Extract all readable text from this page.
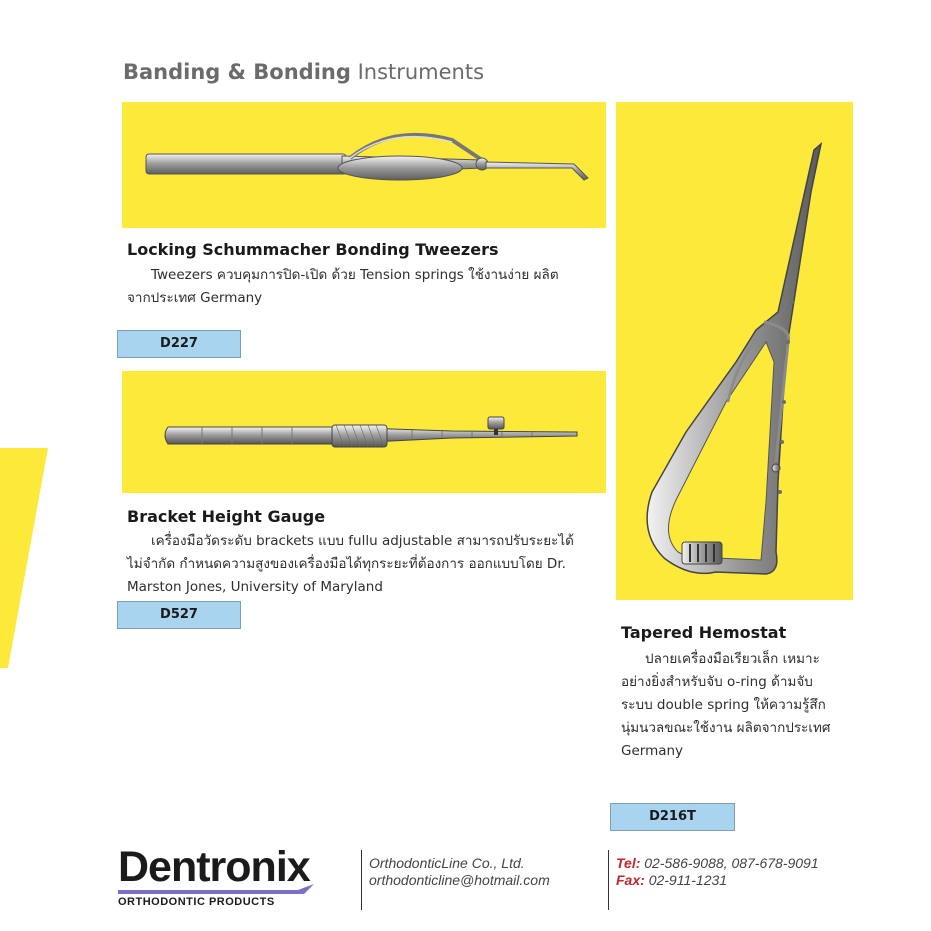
Banding & Bonding Instruments
Locking Schummacher Bonding Tweezers
Tweezers ควบคุมการปิด-เปิด ด้วย Tension springs ใช้งานง่าย ผลิต
จากประเทศ Germany
D227
Bracket Height Gauge
เครื่องมือวัดระดับ brackets แบบ fullu adjustable สามารถปรับระยะได้
ไม่จำกัด กำหนดความสูงของเครื่องมือได้ทุกระยะที่ต้องการ ออกแบบโดย Dr.
Marston Jones, University of Maryland
D527
Tapered Hemostat
ปลายเครื่องมือเรียวเล็ก เหมาะ
อย่างยิ่งสำหรับจับ o-ring ด้ามจับ
ระบบ double spring ให้ความรู้สึก
นุ่มนวลขณะใช้งาน ผลิตจากประเทศ
Germany
D216T
Dentronix
ORTHODONTIC PRODUCTS
OrthodonticLine Co., Ltd.
orthodonticline@hotmail.com
Tel: 02-586-9088, 087-678-9091
Fax: 02-911-1231
